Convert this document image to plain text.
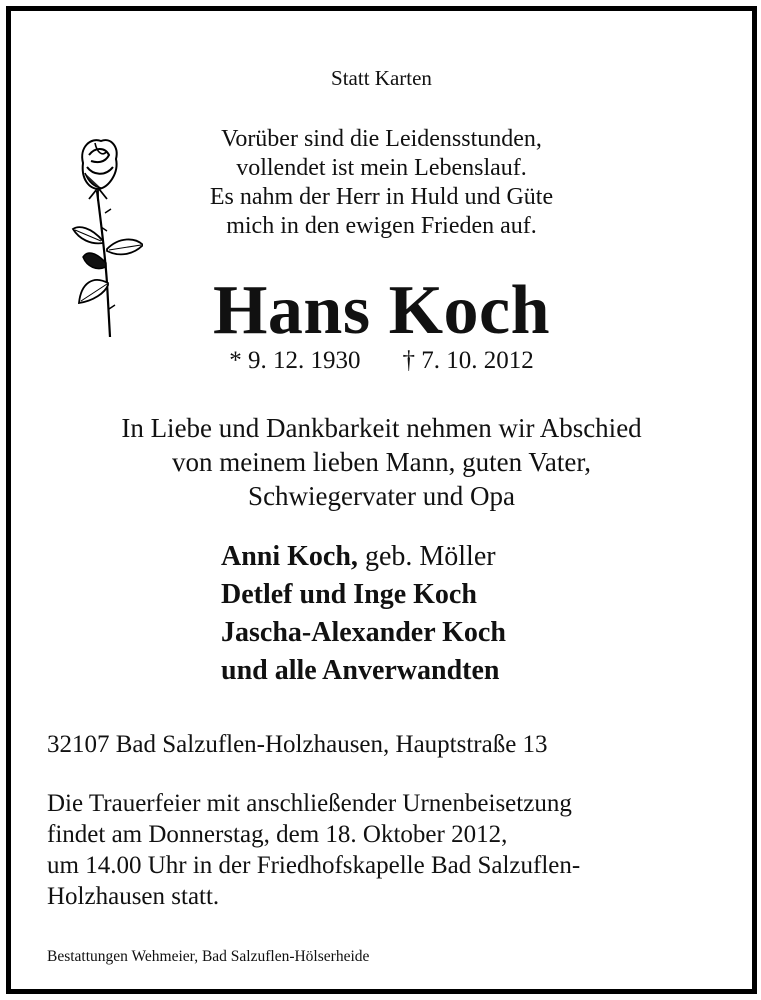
Statt Karten
Vorüber sind die Leidensstunden,
vollendet ist mein Lebenslauf.
Es nahm der Herr in Huld und Güte
mich in den ewigen Frieden auf.
Hans Koch
* 9. 12. 1930 † 7. 10. 2012
In Liebe und Dankbarkeit nehmen wir Abschied
von meinem lieben Mann, guten Vater,
Schwiegervater und Opa
Anni Koch, geb. Möller
Detlef und Inge Koch
Jascha-Alexander Koch
und alle Anverwandten
32107 Bad Salzuflen-Holzhausen, Hauptstraße 13
Die Trauerfeier mit anschließender Urnenbeisetzung
findet am Donnerstag, dem 18. Oktober 2012,
um 14.00 Uhr in der Friedhofskapelle Bad Salzuflen-
Holzhausen statt.
Bestattungen Wehmeier, Bad Salzuflen-Hölserheide
